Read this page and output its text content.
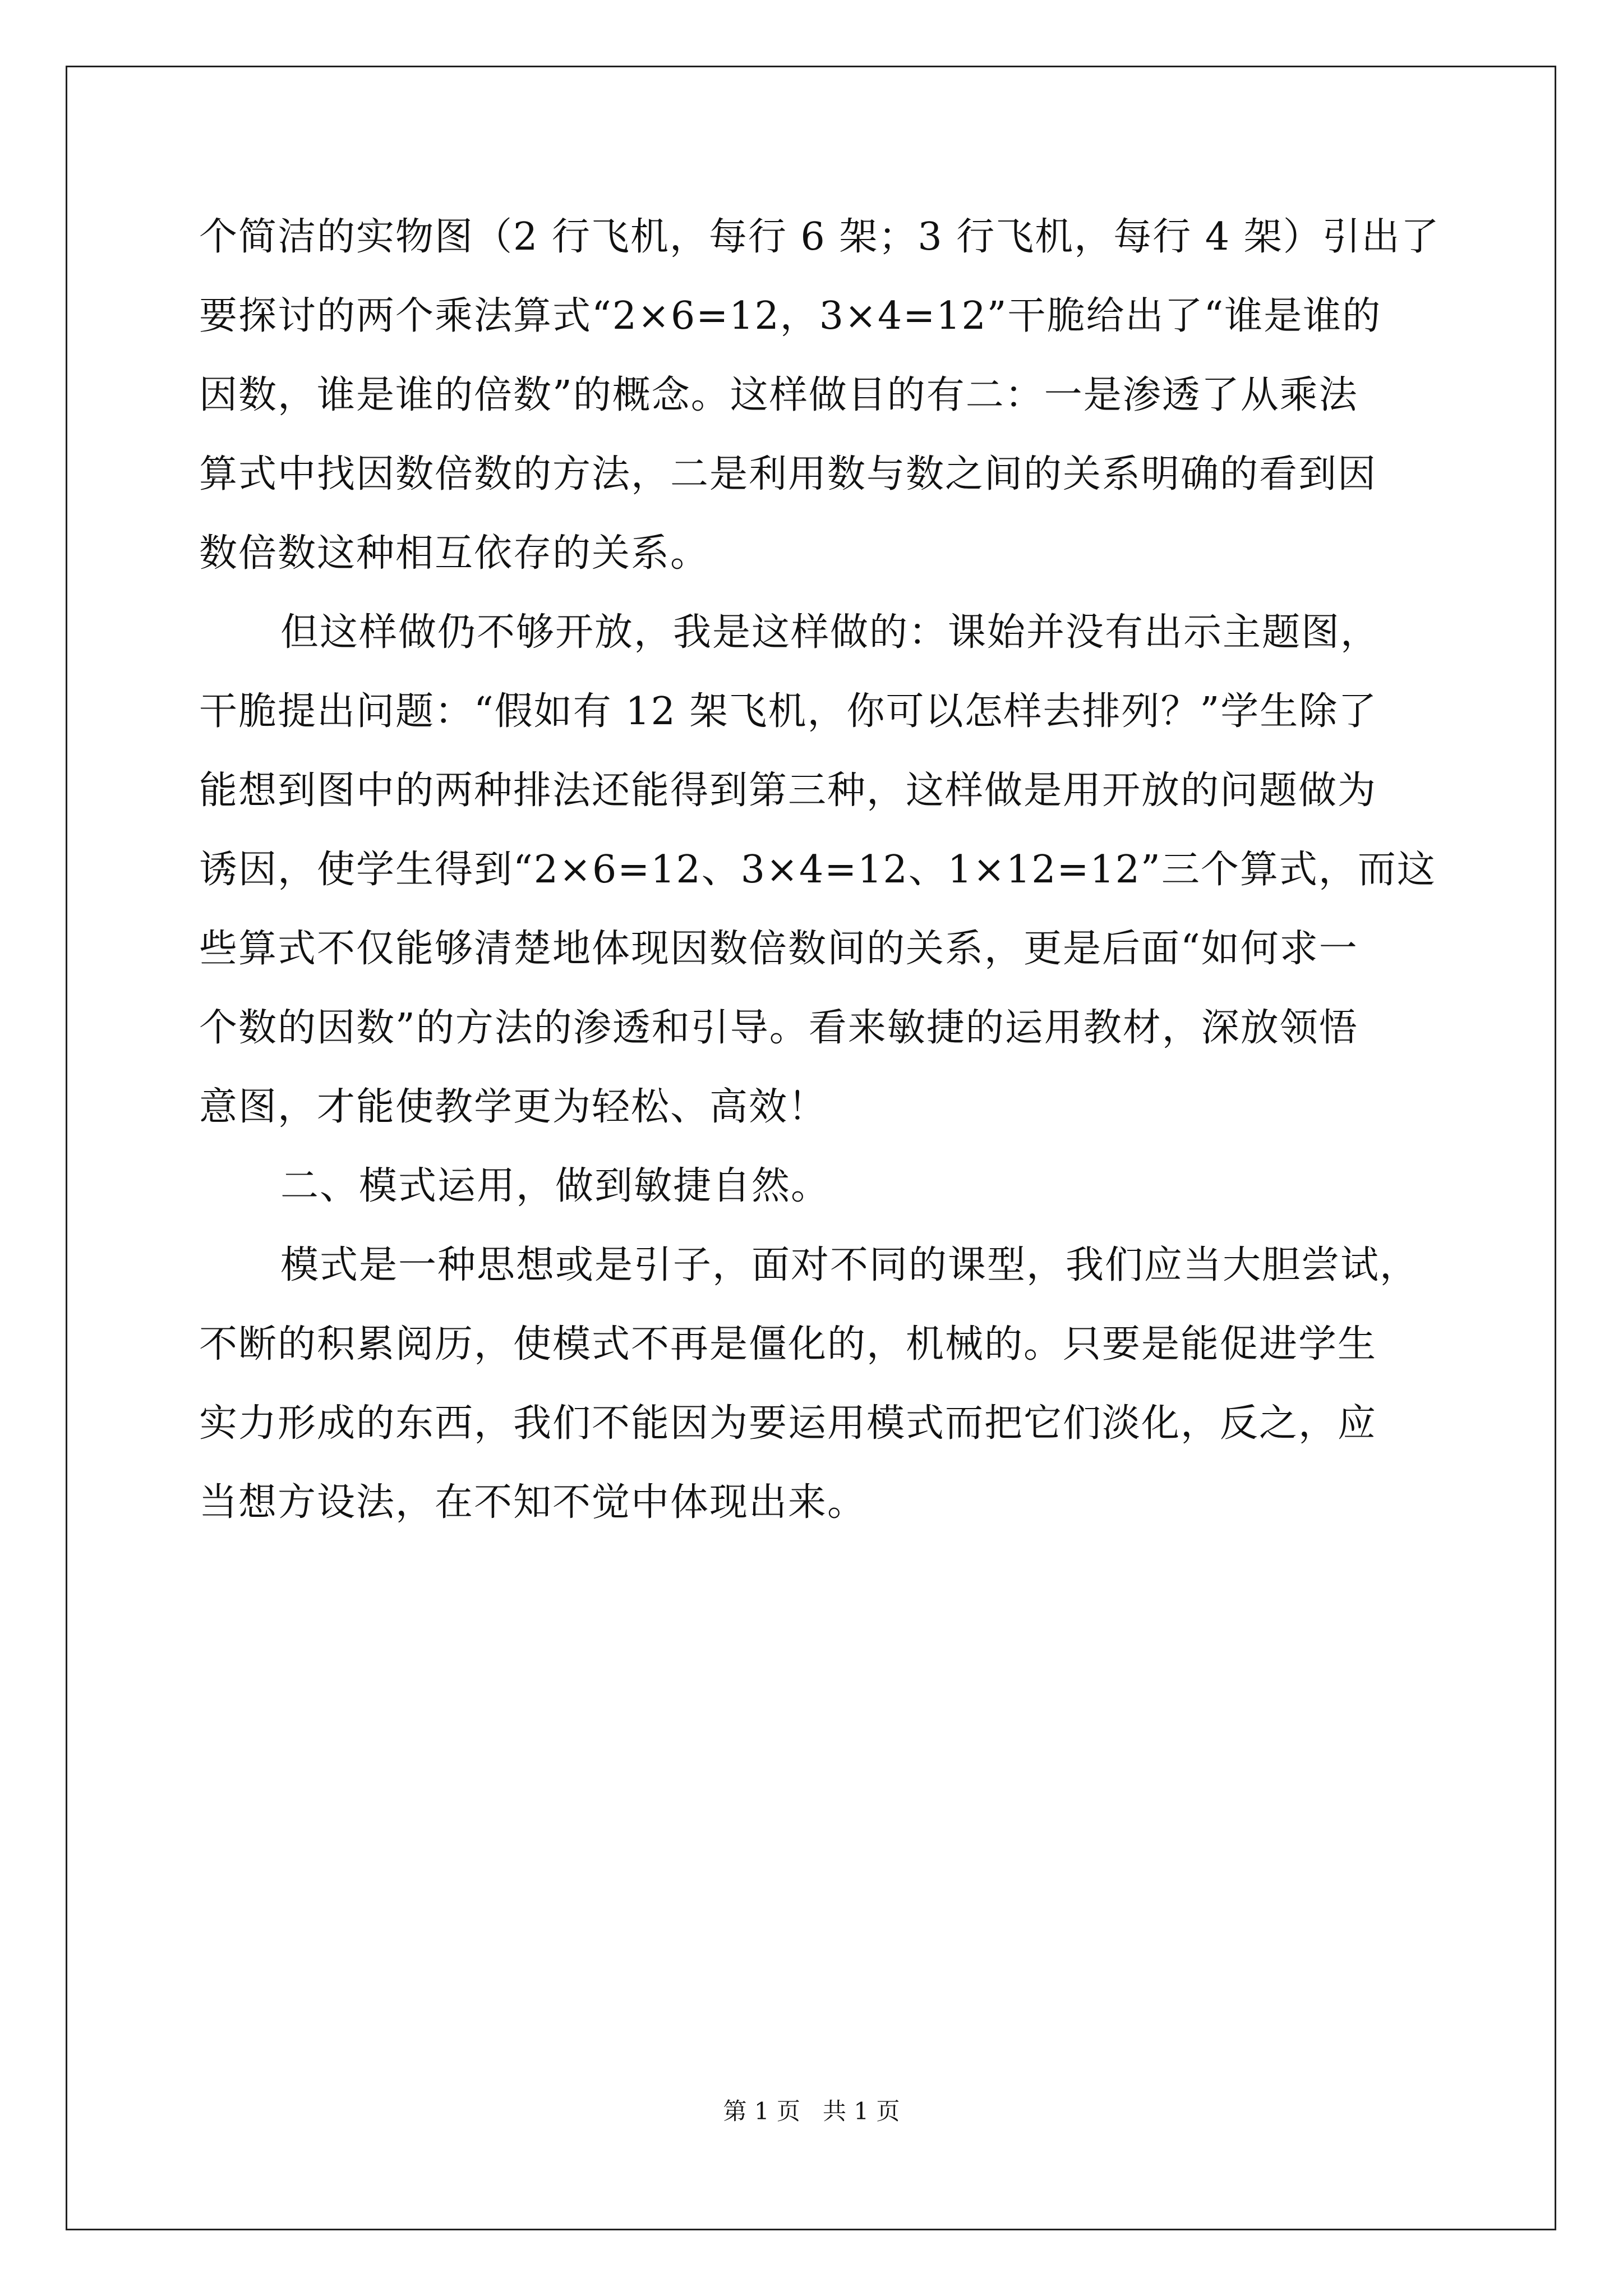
个简洁的实物图（2 行飞机，每行 6 架；3 行飞机，每行 4 架）引出了
要探讨的两个乘法算式“2×6=12，3×4=12”干脆给出了“谁是谁的
因数，谁是谁的倍数”的概念。这样做目的有二：一是渗透了从乘法
算式中找因数倍数的方法，二是利用数与数之间的关系明确的看到因
数倍数这种相互依存的关系。
但这样做仍不够开放，我是这样做的：课始并没有出示主题图，
干脆提出问题：“假如有 12 架飞机，你可以怎样去排列？”学生除了
能想到图中的两种排法还能得到第三种，这样做是用开放的问题做为
诱因，使学生得到“2×6=12、3×4=12、1×12=12”三个算式，而这
些算式不仅能够清楚地体现因数倍数间的关系，更是后面“如何求一
个数的因数”的方法的渗透和引导。看来敏捷的运用教材，深放领悟
意图，才能使教学更为轻松、高效！
二、模式运用，做到敏捷自然。
模式是一种思想或是引子，面对不同的课型，我们应当大胆尝试，
不断的积累阅历，使模式不再是僵化的，机械的。只要是能促进学生
实力形成的东西，我们不能因为要运用模式而把它们淡化，反之，应
当想方设法，在不知不觉中体现出来。
第 1 页   共 1 页
